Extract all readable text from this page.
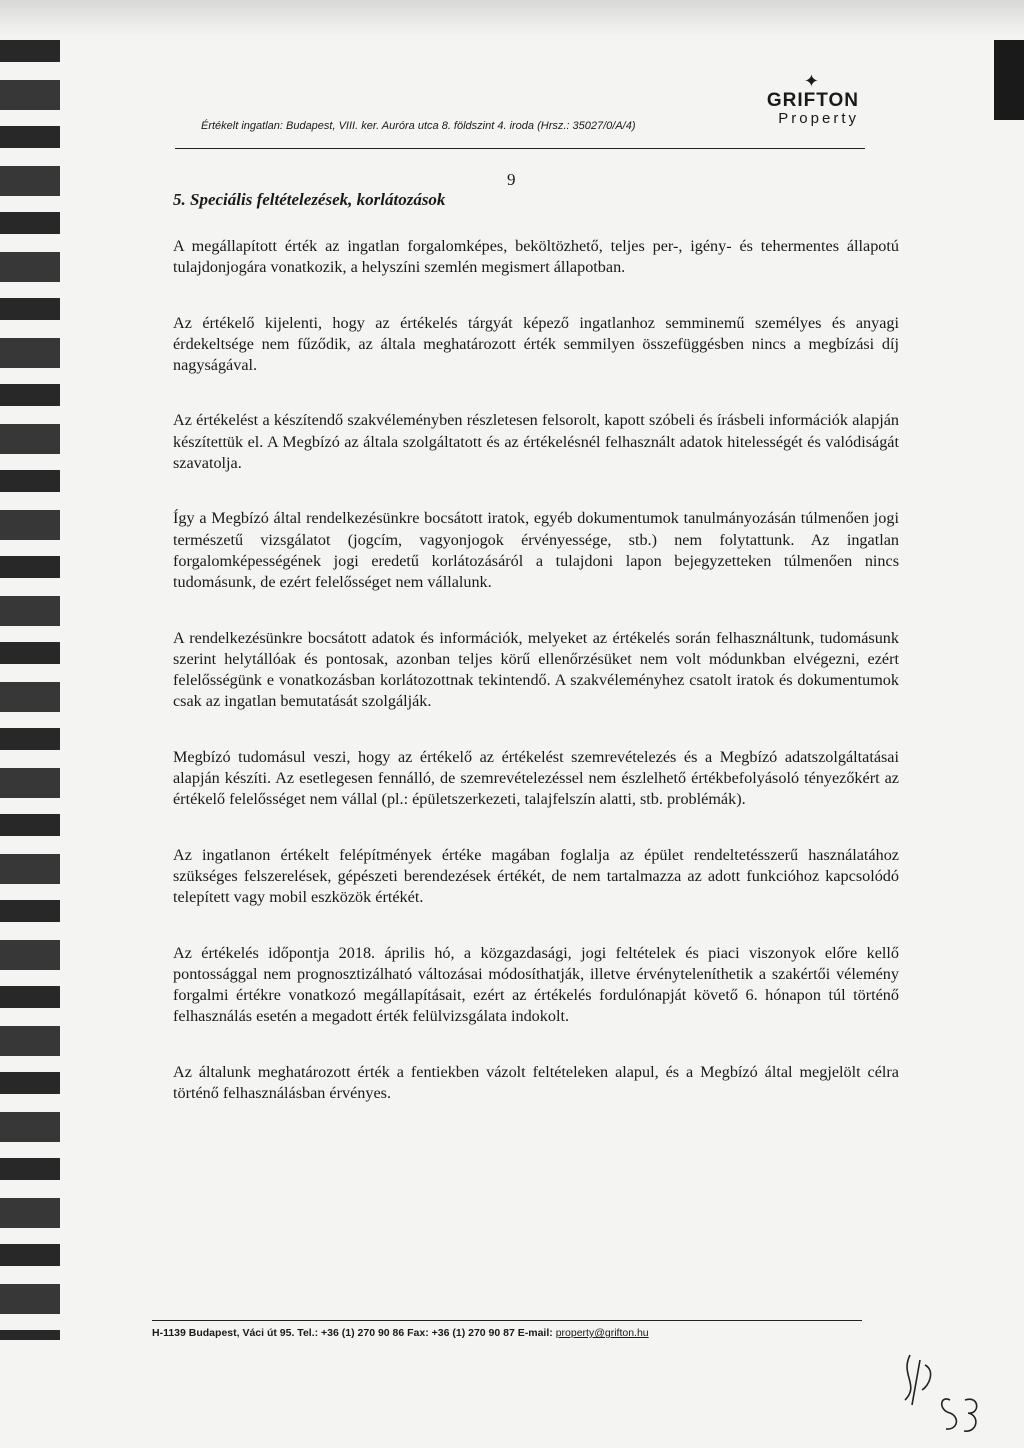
Értékelt ingatlan: Budapest, VIII. ker. Auróra utca 8. földszint 4. iroda (Hrsz.: 35027/0/A/4)
✦
GRIFTON
Property
9
5. Speciális feltételezések, korlátozások

A megállapított érték az ingatlan forgalomképes, beköltözhető, teljes per-, igény- és tehermentes állapotú tulajdonjogára vonatkozik, a helyszíni szemlén megismert állapotban.

Az értékelő kijelenti, hogy az értékelés tárgyát képező ingatlanhoz semminemű személyes és anyagi érdekeltsége nem fűződik, az általa meghatározott érték semmilyen összefüggésben nincs a megbízási díj nagyságával.

Az értékelést a készítendő szakvéleményben részletesen felsorolt, kapott szóbeli és írásbeli információk alapján készítettük el. A Megbízó az általa szolgáltatott és az értékelésnél felhasznált adatok hitelességét és valódiságát szavatolja.

Így a Megbízó által rendelkezésünkre bocsátott iratok, egyéb dokumentumok tanulmányozásán túlmenően jogi természetű vizsgálatot (jogcím, vagyonjogok érvényessége, stb.) nem folytattunk. Az ingatlan forgalomképességének jogi eredetű korlátozásáról a tulajdoni lapon bejegyzetteken túlmenően nincs tudomásunk, de ezért felelősséget nem vállalunk.

A rendelkezésünkre bocsátott adatok és információk, melyeket az értékelés során felhasználtunk, tudomásunk szerint helytállóak és pontosak, azonban teljes körű ellenőrzésüket nem volt módunkban elvégezni, ezért felelősségünk e vonatkozásban korlátozottnak tekintendő. A szakvéleményhez csatolt iratok és dokumentumok csak az ingatlan bemutatását szolgálják.

Megbízó tudomásul veszi, hogy az értékelő az értékelést szemrevételezés és a Megbízó adatszolgáltatásai alapján készíti. Az esetlegesen fennálló, de szemrevételezéssel nem észlelhető értékbefolyásoló tényezőkért az értékelő felelősséget nem vállal (pl.: épületszerkezeti, talajfelszín alatti, stb. problémák).

Az ingatlanon értékelt felépítmények értéke magában foglalja az épület rendeltetésszerű használatához szükséges felszerelések, gépészeti berendezések értékét, de nem tartalmazza az adott funkcióhoz kapcsolódó telepített vagy mobil eszközök értékét.

Az értékelés időpontja 2018. április hó, a közgazdasági, jogi feltételek és piaci viszonyok előre kellő pontossággal nem prognosztizálható változásai módosíthatják, illetve érvényteleníthetik a szakértői vélemény forgalmi értékre vonatkozó megállapításait, ezért az értékelés fordulónapját követő 6. hónapon túl történő felhasználás esetén a megadott érték felülvizsgálata indokolt.

Az általunk meghatározott érték a fentiekben vázolt feltételeken alapul, és a Megbízó által megjelölt célra történő felhasználásban érvényes.

H-1139 Budapest, Váci út 95. Tel.: +36 (1) 270 90 86 Fax: +36 (1) 270 90 87 E-mail: property@grifton.hu
